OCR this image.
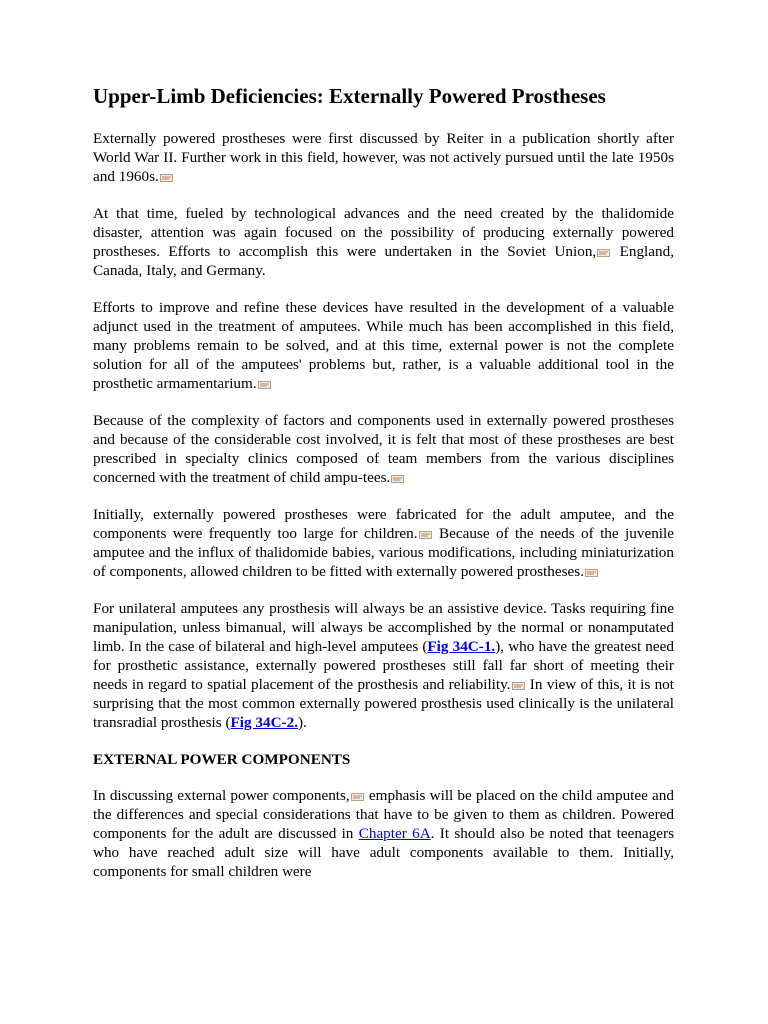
Upper-Limb Deficiencies: Externally Powered Prostheses

Externally powered prostheses were first discussed by Reiter in a publication shortly after World War II. Further work in this field, however, was not actively pursued until the late 1950s and 1960s.

At that time, fueled by technological advances and the need created by the thalidomide disaster, attention was again focused on the possibility of producing externally powered prostheses. Efforts to accomplish this were undertaken in the Soviet Union, England, Canada, Italy, and Germany.

Efforts to improve and refine these devices have resulted in the development of a valuable adjunct used in the treatment of amputees. While much has been accomplished in this field, many problems remain to be solved, and at this time, external power is not the complete solution for all of the amputees' problems but, rather, is a valuable additional tool in the prosthetic armamentarium.

Because of the complexity of factors and components used in externally powered prostheses and because of the considerable cost involved, it is felt that most of these prostheses are best prescribed in specialty clinics composed of team members from the various disciplines concerned with the treatment of child ampu-tees.

Initially, externally powered prostheses were fabricated for the adult amputee, and the components were frequently too large for children. Because of the needs of the juvenile amputee and the influx of thalidomide babies, various modifications, including miniaturization of components, allowed children to be fitted with externally powered prostheses.

For unilateral amputees any prosthesis will always be an assistive device. Tasks requiring fine manipulation, unless bimanual, will always be accomplished by the normal or nonamputated limb. In the case of bilateral and high-level amputees (Fig 34C-1.), who have the greatest need for prosthetic assistance, externally powered prostheses still fall far short of meeting their needs in regard to spatial placement of the prosthesis and reliability. In view of this, it is not surprising that the most common externally powered prosthesis used clinically is the unilateral transradial prosthesis (Fig 34C-2.).

EXTERNAL POWER COMPONENTS

In discussing external power components, emphasis will be placed on the child amputee and the differences and special considerations that have to be given to them as children. Powered components for the adult are discussed in Chapter 6A. It should also be noted that teenagers who have reached adult size will have adult components available to them. Initially, components for small children were
